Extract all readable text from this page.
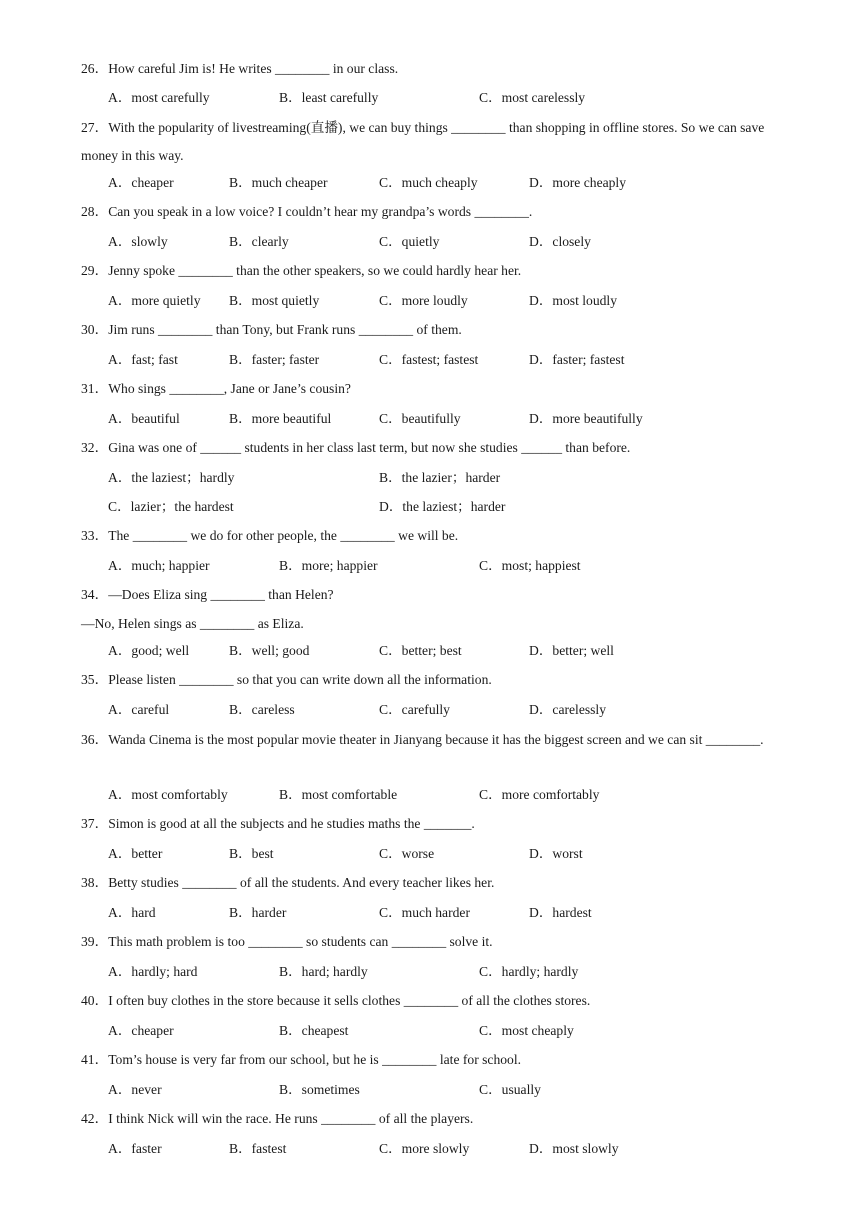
26．How careful Jim is! He writes ________ in our class.
A．most carefully	B．least carefully	C．most carelessly
27．With the popularity of livestreaming(直播), we can buy things ________ than shopping in offline stores. So we can save money in this way.
A．cheaper	B．much cheaper	C．much cheaply	D．more cheaply
28．Can you speak in a low voice? I couldn’t hear my grandpa’s words ________.
A．slowly	B．clearly	C．quietly	D．closely
29．Jenny spoke ________ than the other speakers, so we could hardly hear her.
A．more quietly B．most quietly	C．more loudly	D．most loudly
30．Jim runs ________ than Tony, but Frank runs ________ of them.
A．fast; fast	B．faster; faster	C．fastest; fastest	D．faster; fastest
31．Who sings ________, Jane or Jane’s cousin?
A．beautiful	B．more beautiful	C．beautifully	D．more beautifully
32．Gina was one of ______ students in her class last term, but now she studies ______ than before.
A．the laziest；hardly	B．the lazier；harder
C．lazier；the hardest	D．the laziest；harder
33．The ________ we do for other people, the ________ we will be.
A．much; happier	B．more; happier	C．most; happiest
34．—Does Eliza sing ________ than Helen?
—No, Helen sings as ________ as Eliza.
A．good; well	B．well; good	C．better; best	D．better; well
35．Please listen ________ so that you can write down all the information.
A．careful	B．careless	C．carefully	D．carelessly
36．Wanda Cinema is the most popular movie theater in Jianyang because it has the biggest screen and we can sit ________.
A．most comfortably	B．most comfortable	C．more comfortably
37．Simon is good at all the subjects and he studies maths the _______.
A．better	B．best	C．worse	D．worst
38．Betty studies ________ of all the students. And every teacher likes her.
A．hard	B．harder	C．much harder	D．hardest
39．This math problem is too ________ so students can ________ solve it.
A．hardly; hard	B．hard; hardly	C．hardly; hardly
40．I often buy clothes in the store because it sells clothes ________ of all the clothes stores.
A．cheaper	B．cheapest	C．most cheaply
41．Tom’s house is very far from our school, but he is ________ late for school.
A．never	B．sometimes	C．usually
42．I think Nick will win the race. He runs ________ of all the players.
A．faster	B．fastest	C．more slowly	D．most slowly
